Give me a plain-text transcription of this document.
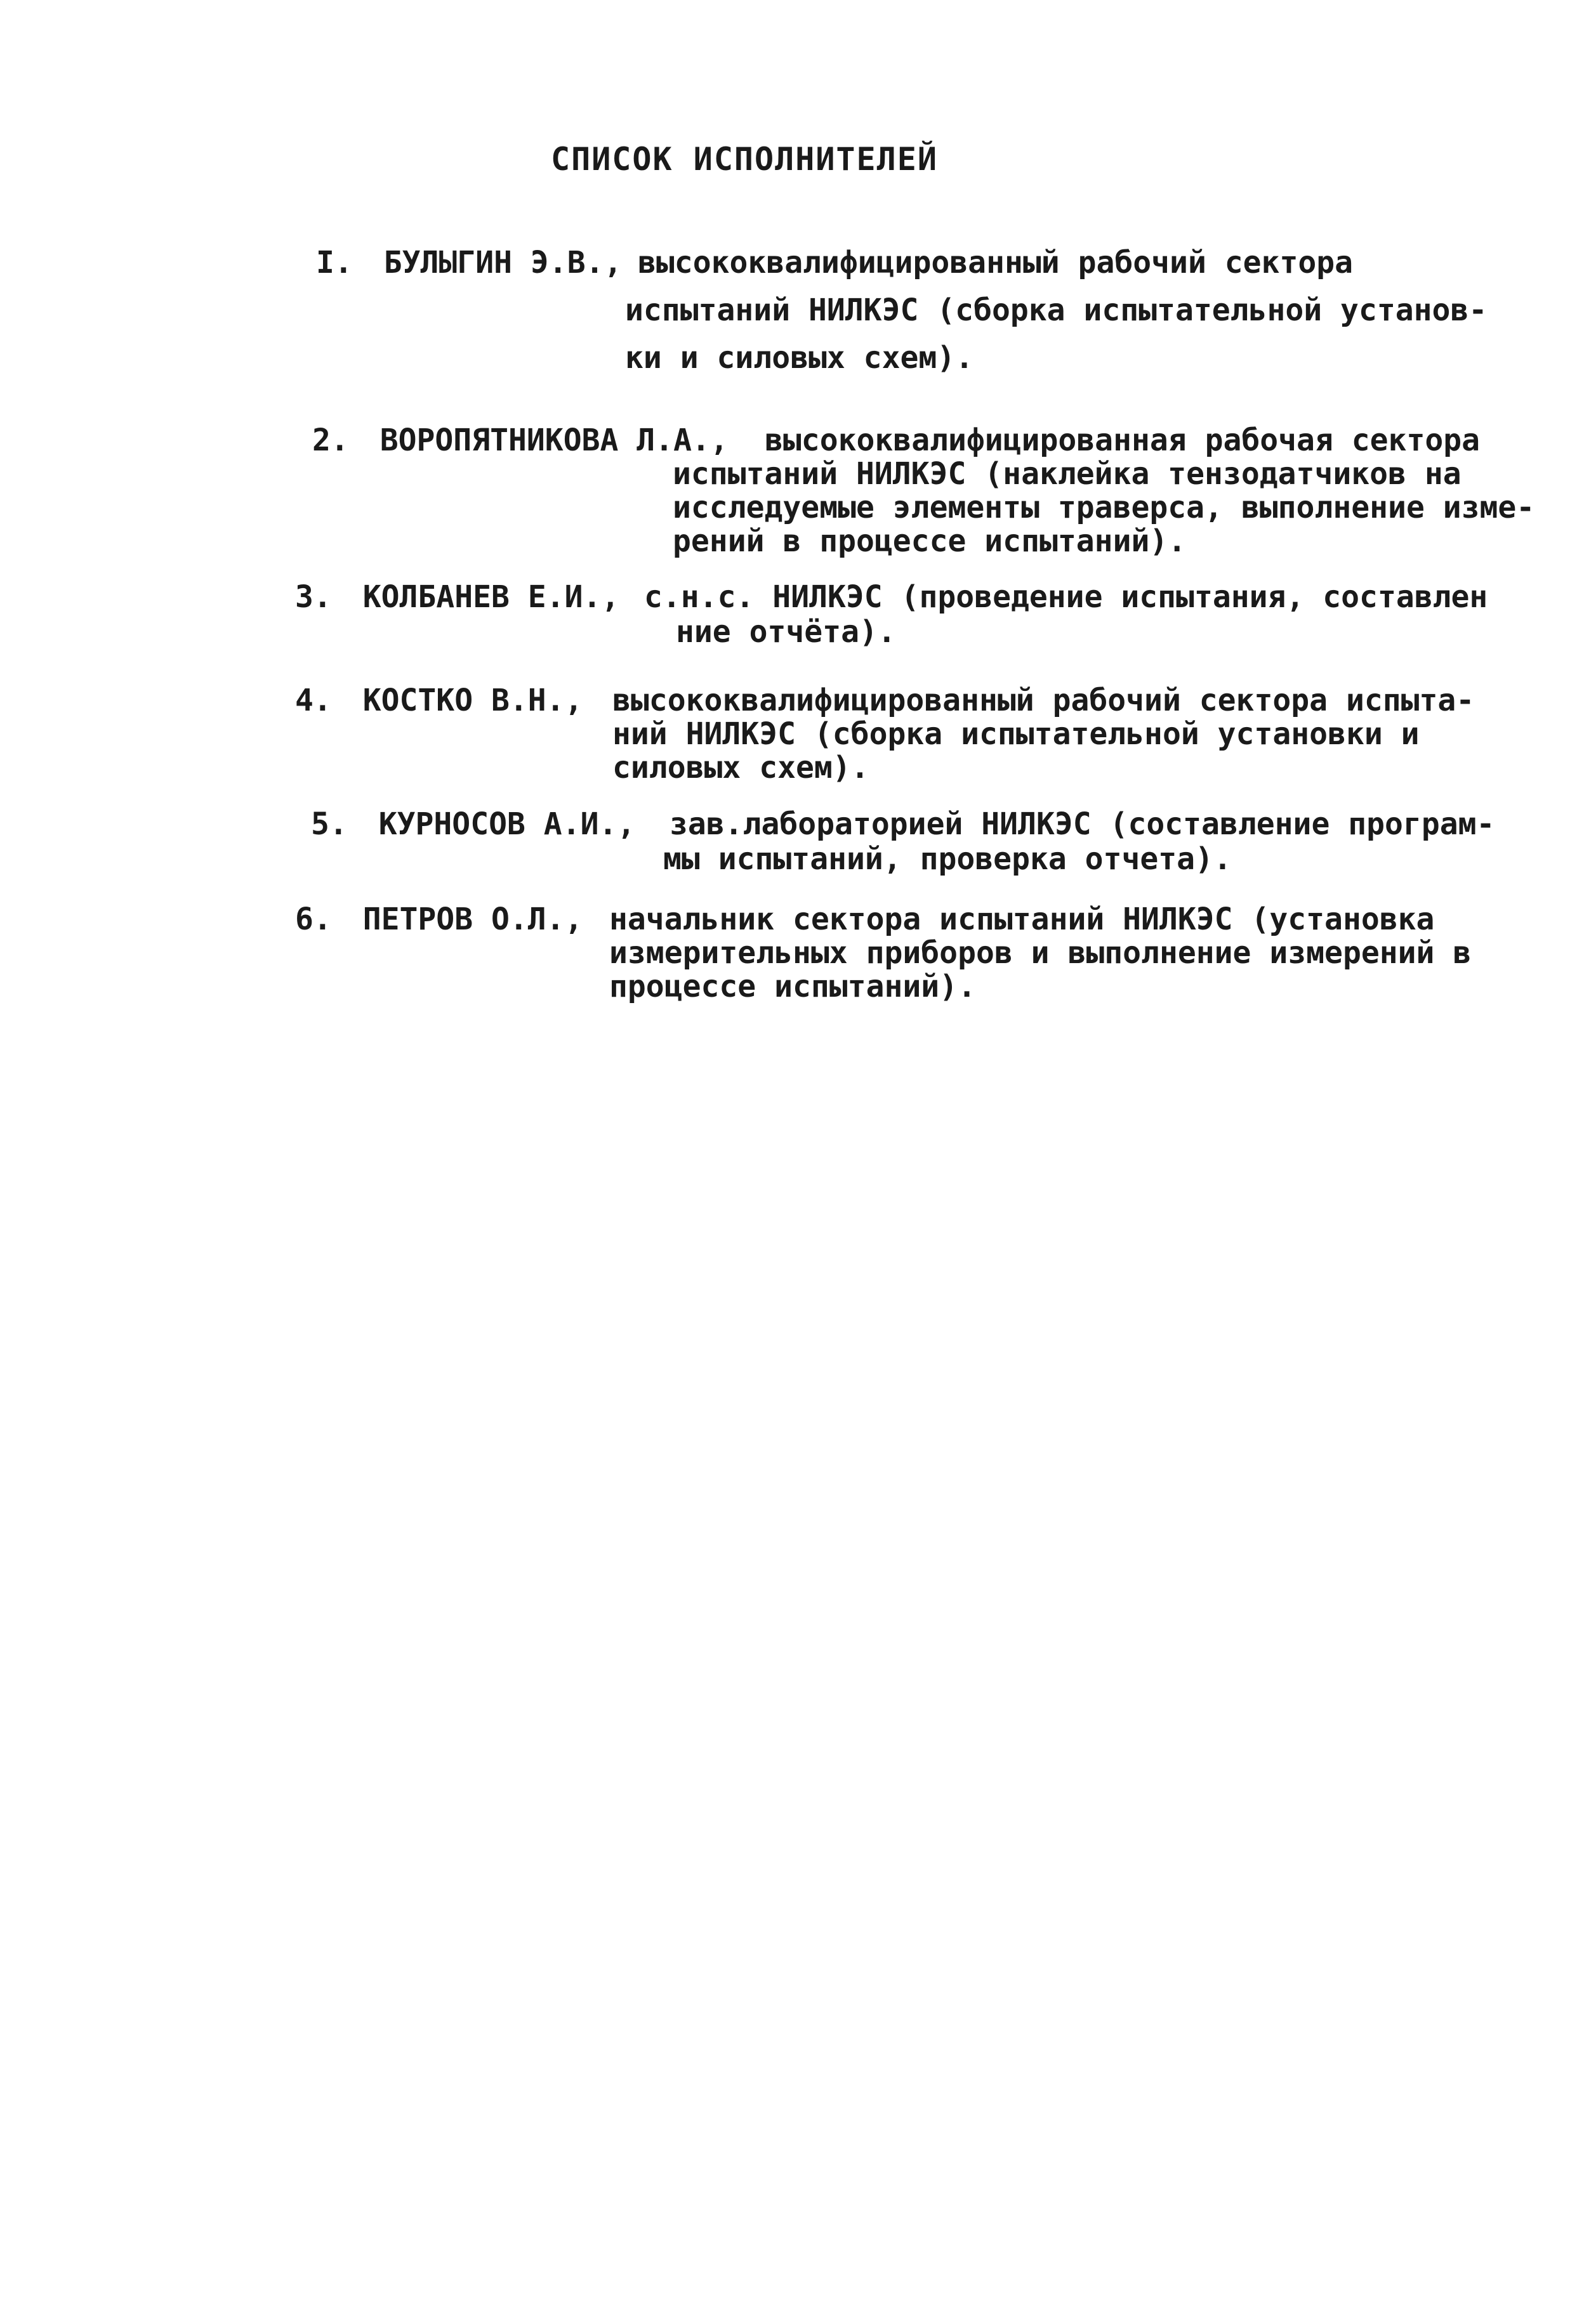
СПИСОК ИСПОЛНИТЕЛЕЙ
I. БУЛЫГИН Э.В., высококвалифицированный рабочий сектора
испытаний НИЛКЭС (сборка испытательной установ-
ки и силовых схем).
2. ВОРОПЯТНИКОВА Л.А., высококвалифицированная рабочая сектора
испытаний НИЛКЭС (наклейка тензодатчиков на
исследуемые элементы траверса, выполнение изме-
рений в процессе испытаний).
3. КОЛБАНЕВ Е.И., с.н.с. НИЛКЭС (проведение испытания, составлен
ние отчёта).
4. КОСТКО В.Н., высококвалифицированный рабочий сектора испыта-
ний НИЛКЭС (сборка испытательной установки и
силовых схем).
5. КУРНОСОВ А.И., зав.лабораторией НИЛКЭС (составление програм-
мы испытаний, проверка отчета).
6. ПЕТРОВ О.Л., начальник сектора испытаний НИЛКЭС (установка
измерительных приборов и выполнение измерений в
процессе испытаний).
